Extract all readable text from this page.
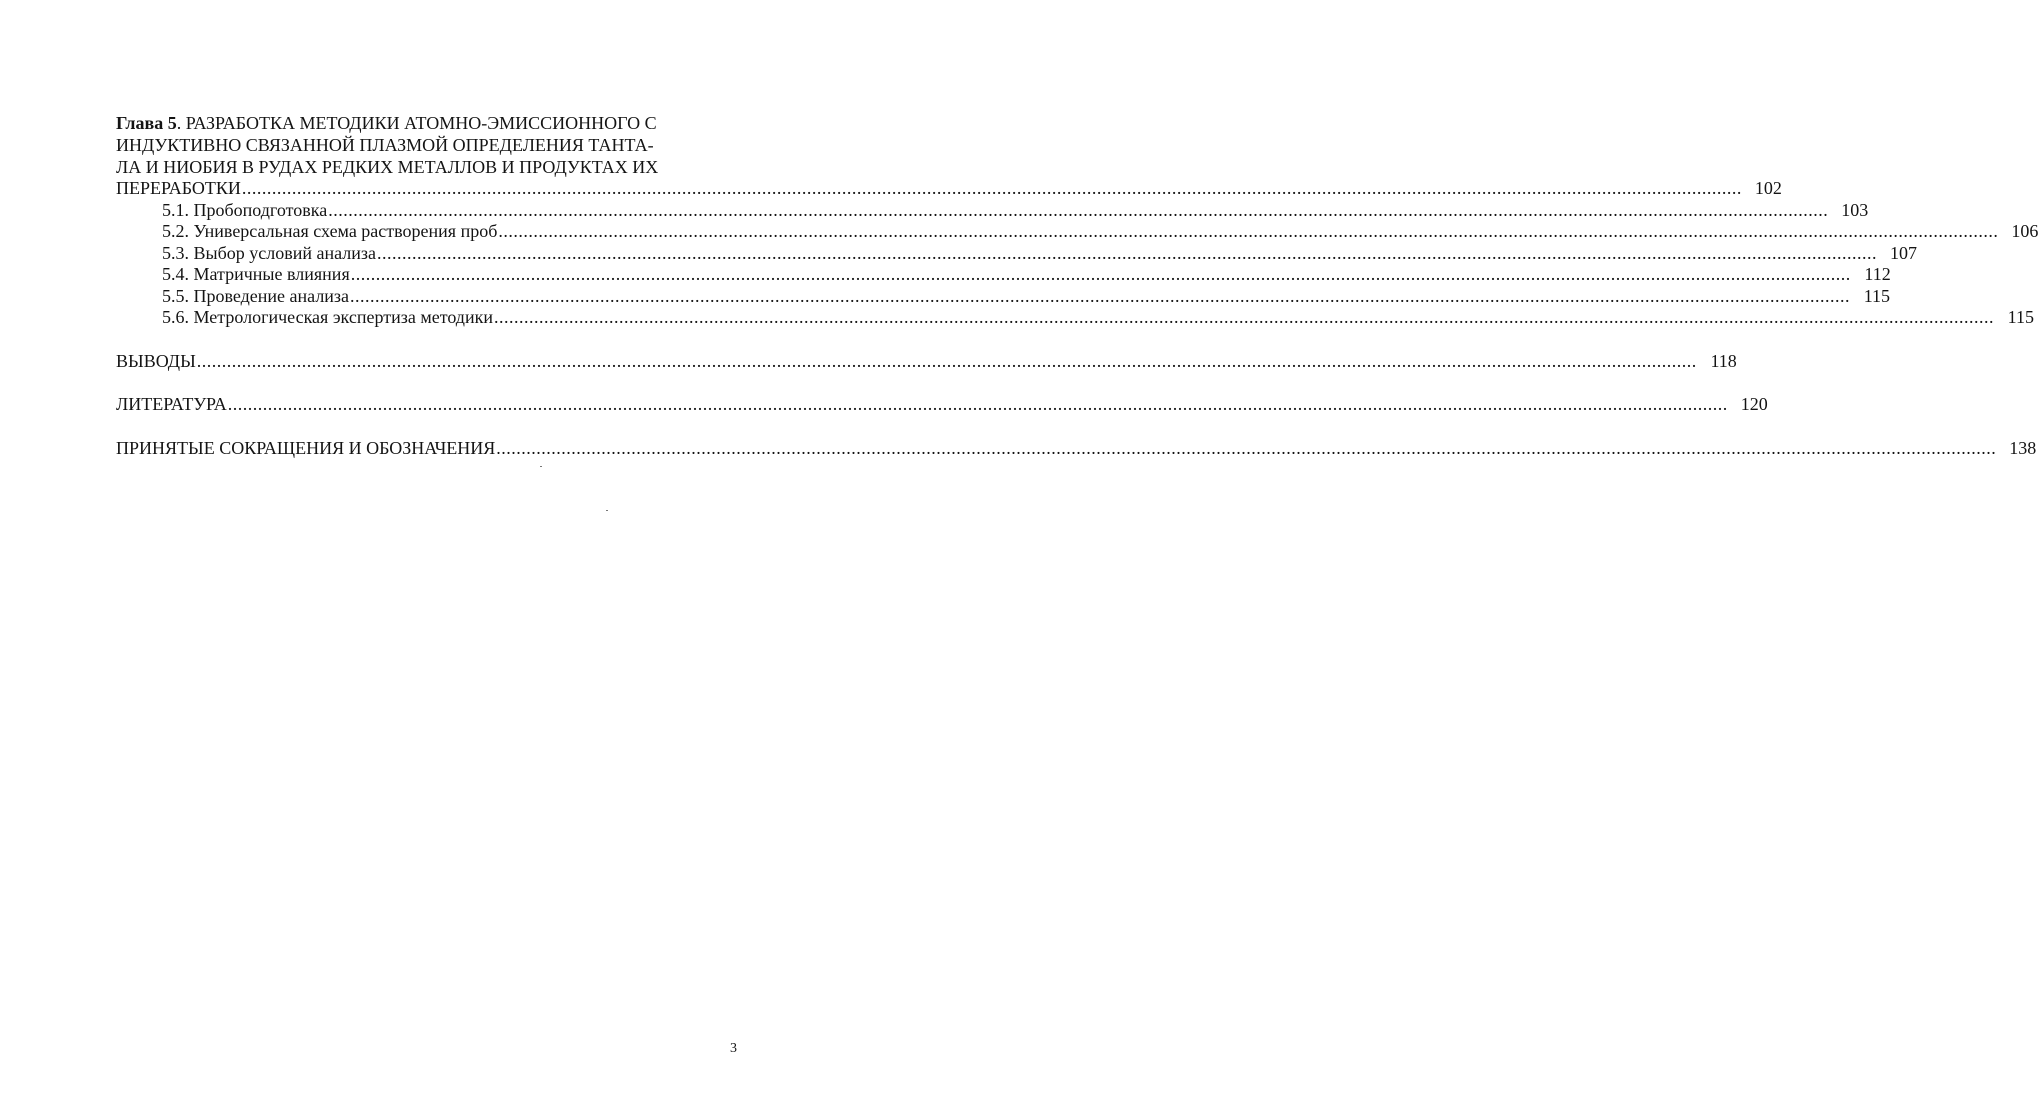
Глава 5. РАЗРАБОТКА МЕТОДИКИ АТОМНО-ЭМИССИОННОГО С
ИНДУКТИВНО СВЯЗАННОЙ ПЛАЗМОЙ ОПРЕДЕЛЕНИЯ ТАНТА-
ЛА И НИОБИЯ В РУДАХ РЕДКИХ МЕТАЛЛОВ И ПРОДУКТАХ ИХ
ПЕРЕРАБОТКИ ............................................................................................................................................................................................................................................................................................................ 102
5.1. Пробоподготовка ............................................................................................................................................................................................................................................................................................................ 103
5.2. Универсальная схема растворения проб ............................................................................................................................................................................................................................................................................................................ 106
5.3. Выбор условий анализа ............................................................................................................................................................................................................................................................................................................ 107
5.4. Матричные влияния ............................................................................................................................................................................................................................................................................................................ 112
5.5. Проведение анализа ............................................................................................................................................................................................................................................................................................................ 115
5.6. Метрологическая экспертиза методики ............................................................................................................................................................................................................................................................................................................ 115
ВЫВОДЫ ............................................................................................................................................................................................................................................................................................................ 118
ЛИТЕРАТУРА ............................................................................................................................................................................................................................................................................................................ 120
ПРИНЯТЫЕ СОКРАЩЕНИЯ И ОБОЗНАЧЕНИЯ ............................................................................................................................................................................................................................................................................................................ 138
3
